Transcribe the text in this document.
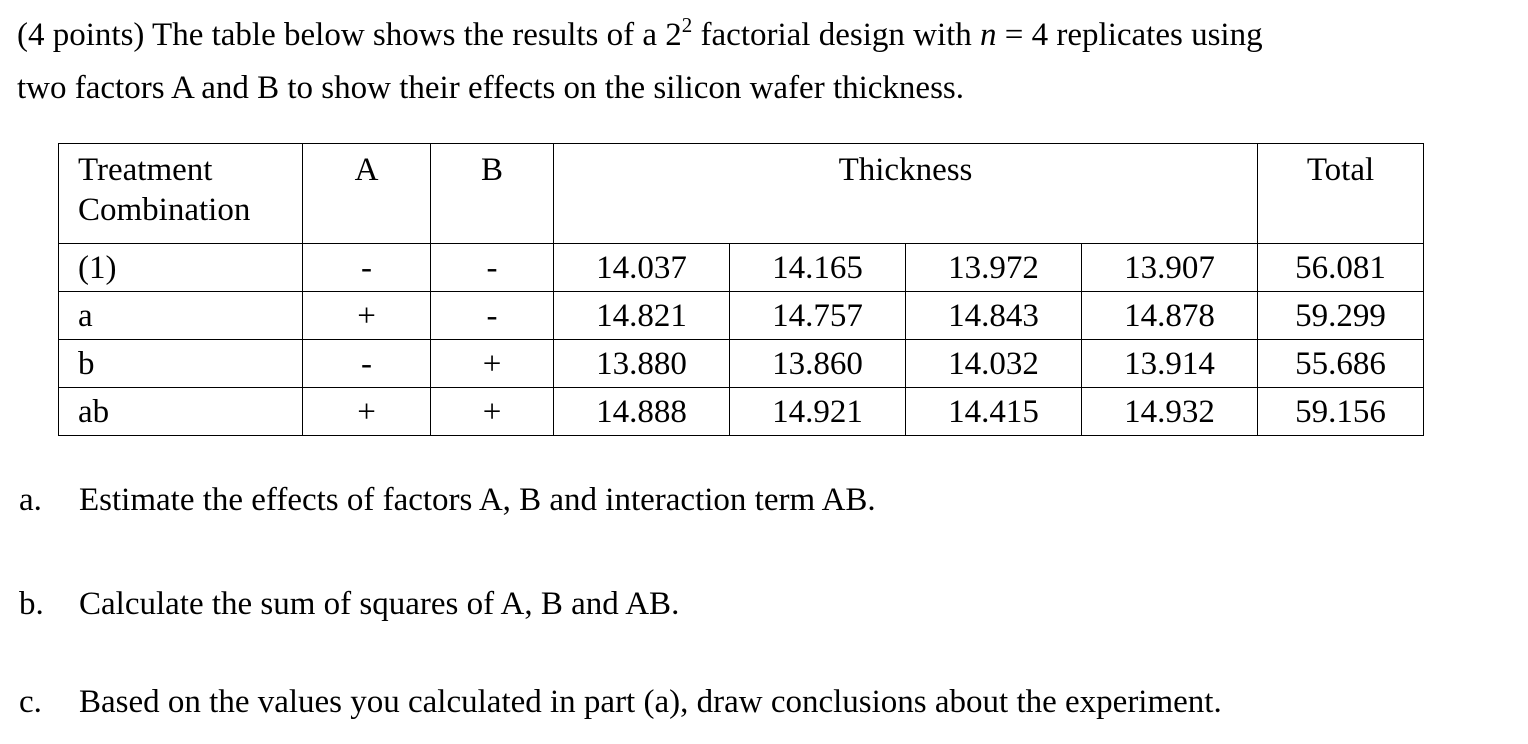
(4 points) The table below shows the results of a $2^2$ factorial design with n = 4 replicates using
two factors A and B to show their effects on the silicon wafer thickness.
Treatment
Combination	A	B	Thickness				Total
(1)	-	-	14.037	14.165	13.972	13.907	56.081
a	+	-	14.821	14.757	14.843	14.878	59.299
b	-	+	13.880	13.860	14.032	13.914	55.686
ab	+	+	14.888	14.921	14.415	14.932	59.156
a. Estimate the effects of factors A, B and interaction term AB.
b. Calculate the sum of squares of A, B and AB.
c. Based on the values you calculated in part (a), draw conclusions about the experiment.
